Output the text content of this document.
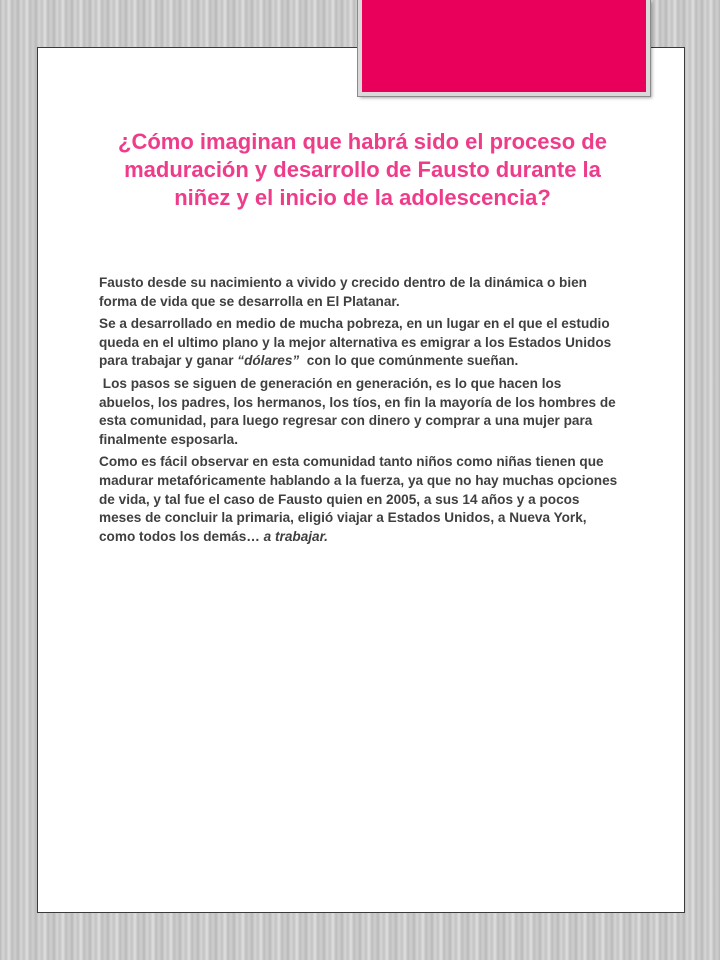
¿Cómo imaginan que habrá sido el proceso de maduración y desarrollo de Fausto durante la niñez y el inicio de la adolescencia?

Fausto desde su nacimiento a vivido y crecido dentro de la dinámica o bien forma de vida que se desarrolla en El Platanar.

Se a desarrollado en medio de mucha pobreza, en un lugar en el que el estudio queda en el ultimo plano y la mejor alternativa es emigrar a los Estados Unidos para trabajar y ganar “dólares”  con lo que comúnmente sueñan.

Los pasos se siguen de generación en generación, es lo que hacen los abuelos, los padres, los hermanos, los tíos, en fin la mayoría de los hombres de esta comunidad, para luego regresar con dinero y comprar a una mujer para finalmente esposarla.

Como es fácil observar en esta comunidad tanto niños como niñas tienen que madurar metafóricamente hablando a la fuerza, ya que no hay muchas opciones de vida, y tal fue el caso de Fausto quien en 2005, a sus 14 años y a pocos meses de concluir la primaria, eligió viajar a Estados Unidos, a Nueva York, como todos los demás… a trabajar.
